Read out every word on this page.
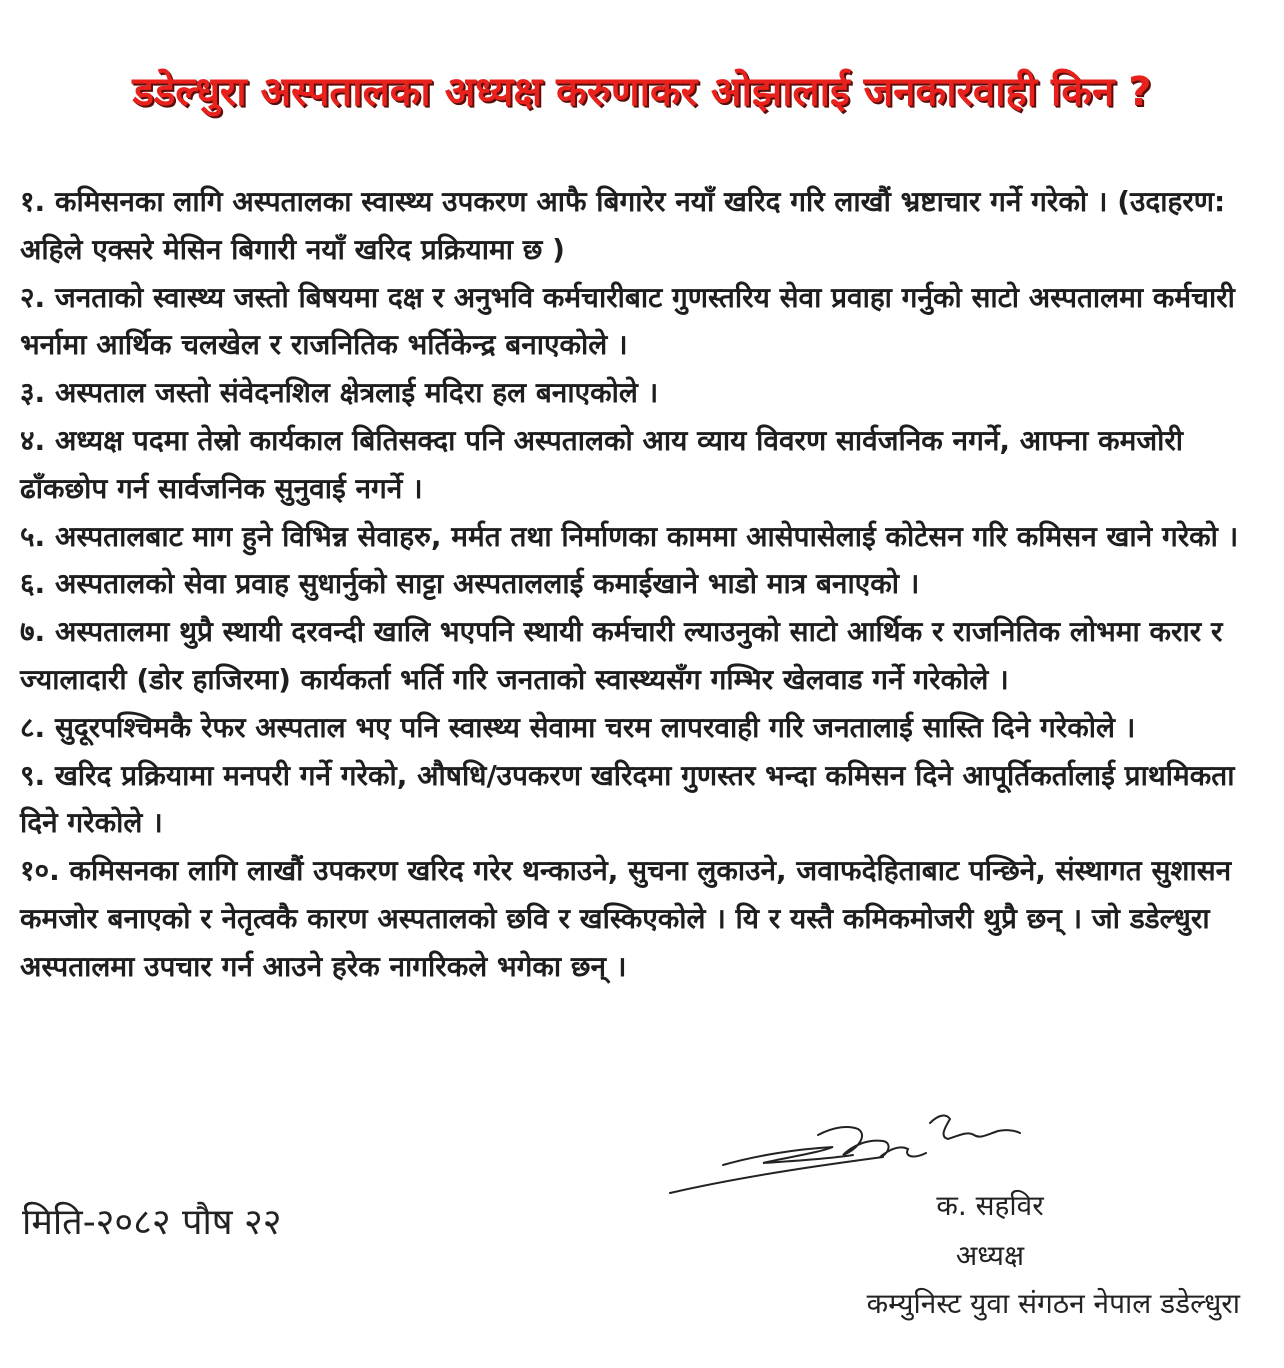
डडेल्धुरा अस्पतालका अध्यक्ष करुणाकर ओझालाई जनकारवाही किन ?

१. कमिसनका लागि अस्पतालका स्वास्थ्य उपकरण आफै बिगारेर नयाँ खरिद गरि लाखौं भ्रष्टाचार गर्ने गरेको । (उदाहरण: अहिले एक्सरे मेसिन बिगारी नयाँ खरिद प्रक्रियामा छ )

२. जनताको स्वास्थ्य जस्तो बिषयमा दक्ष र अनुभवि कर्मचारीबाट गुणस्तरिय सेवा प्रवाहा गर्नुको साटो अस्पतालमा कर्मचारी भर्नामा आर्थिक चलखेल र राजनितिक भर्तिकेन्द्र बनाएकोले ।

३. अस्पताल जस्तो संवेदनशिल क्षेत्रलाई मदिरा हल बनाएकोले ।

४. अध्यक्ष पदमा तेस्रो कार्यकाल बितिसक्दा पनि अस्पतालको आय व्याय विवरण सार्वजनिक नगर्ने, आफ्ना कमजोरी ढाँकछोप गर्न सार्वजनिक सुनुवाई नगर्ने ।

५. अस्पतालबाट माग हुने विभिन्न सेवाहरु, मर्मत तथा निर्माणका काममा आसेपासेलाई कोटेसन गरि कमिसन खाने गरेको ।

६. अस्पतालको सेवा प्रवाह सुधार्नुको साट्टा अस्पताललाई कमाईखाने भाडो मात्र बनाएको ।

७. अस्पतालमा थुप्रै स्थायी दरवन्दी खालि भएपनि स्थायी कर्मचारी ल्याउनुको साटो आर्थिक र राजनितिक लोभमा करार र ज्यालादारी (डोर हाजिरमा) कार्यकर्ता भर्ति गरि जनताको स्वास्थ्यसँग गम्भिर खेलवाड गर्ने गरेकोले ।

८. सुदूरपश्चिमकै रेफर अस्पताल भए पनि स्वास्थ्य सेवामा चरम लापरवाही गरि जनतालाई सास्ति दिने गरेकोले ।

९. खरिद प्रक्रियामा मनपरी गर्ने गरेको, औषधि/उपकरण खरिदमा गुणस्तर भन्दा कमिसन दिने आपूर्तिकर्तालाई प्राथमिकता दिने गरेकोले ।

१०. कमिसनका लागि लाखौं उपकरण खरिद गरेर थन्काउने, सुचना लुकाउने, जवाफदेहिताबाट पन्छिने, संस्थागत सुशासन कमजोर बनाएको र नेतृत्वकै कारण अस्पतालको छवि र खस्किएकोले । यि र यस्तै कमिकमोजरी थुप्रै छन् । जो डडेल्धुरा अस्पतालमा उपचार गर्न आउने हरेक नागरिकले भगेका छन् ।

मिति-२०८२ पौष २२	क. सहविर
अध्यक्ष
कम्युनिस्ट युवा संगठन नेपाल डडेल्धुरा
